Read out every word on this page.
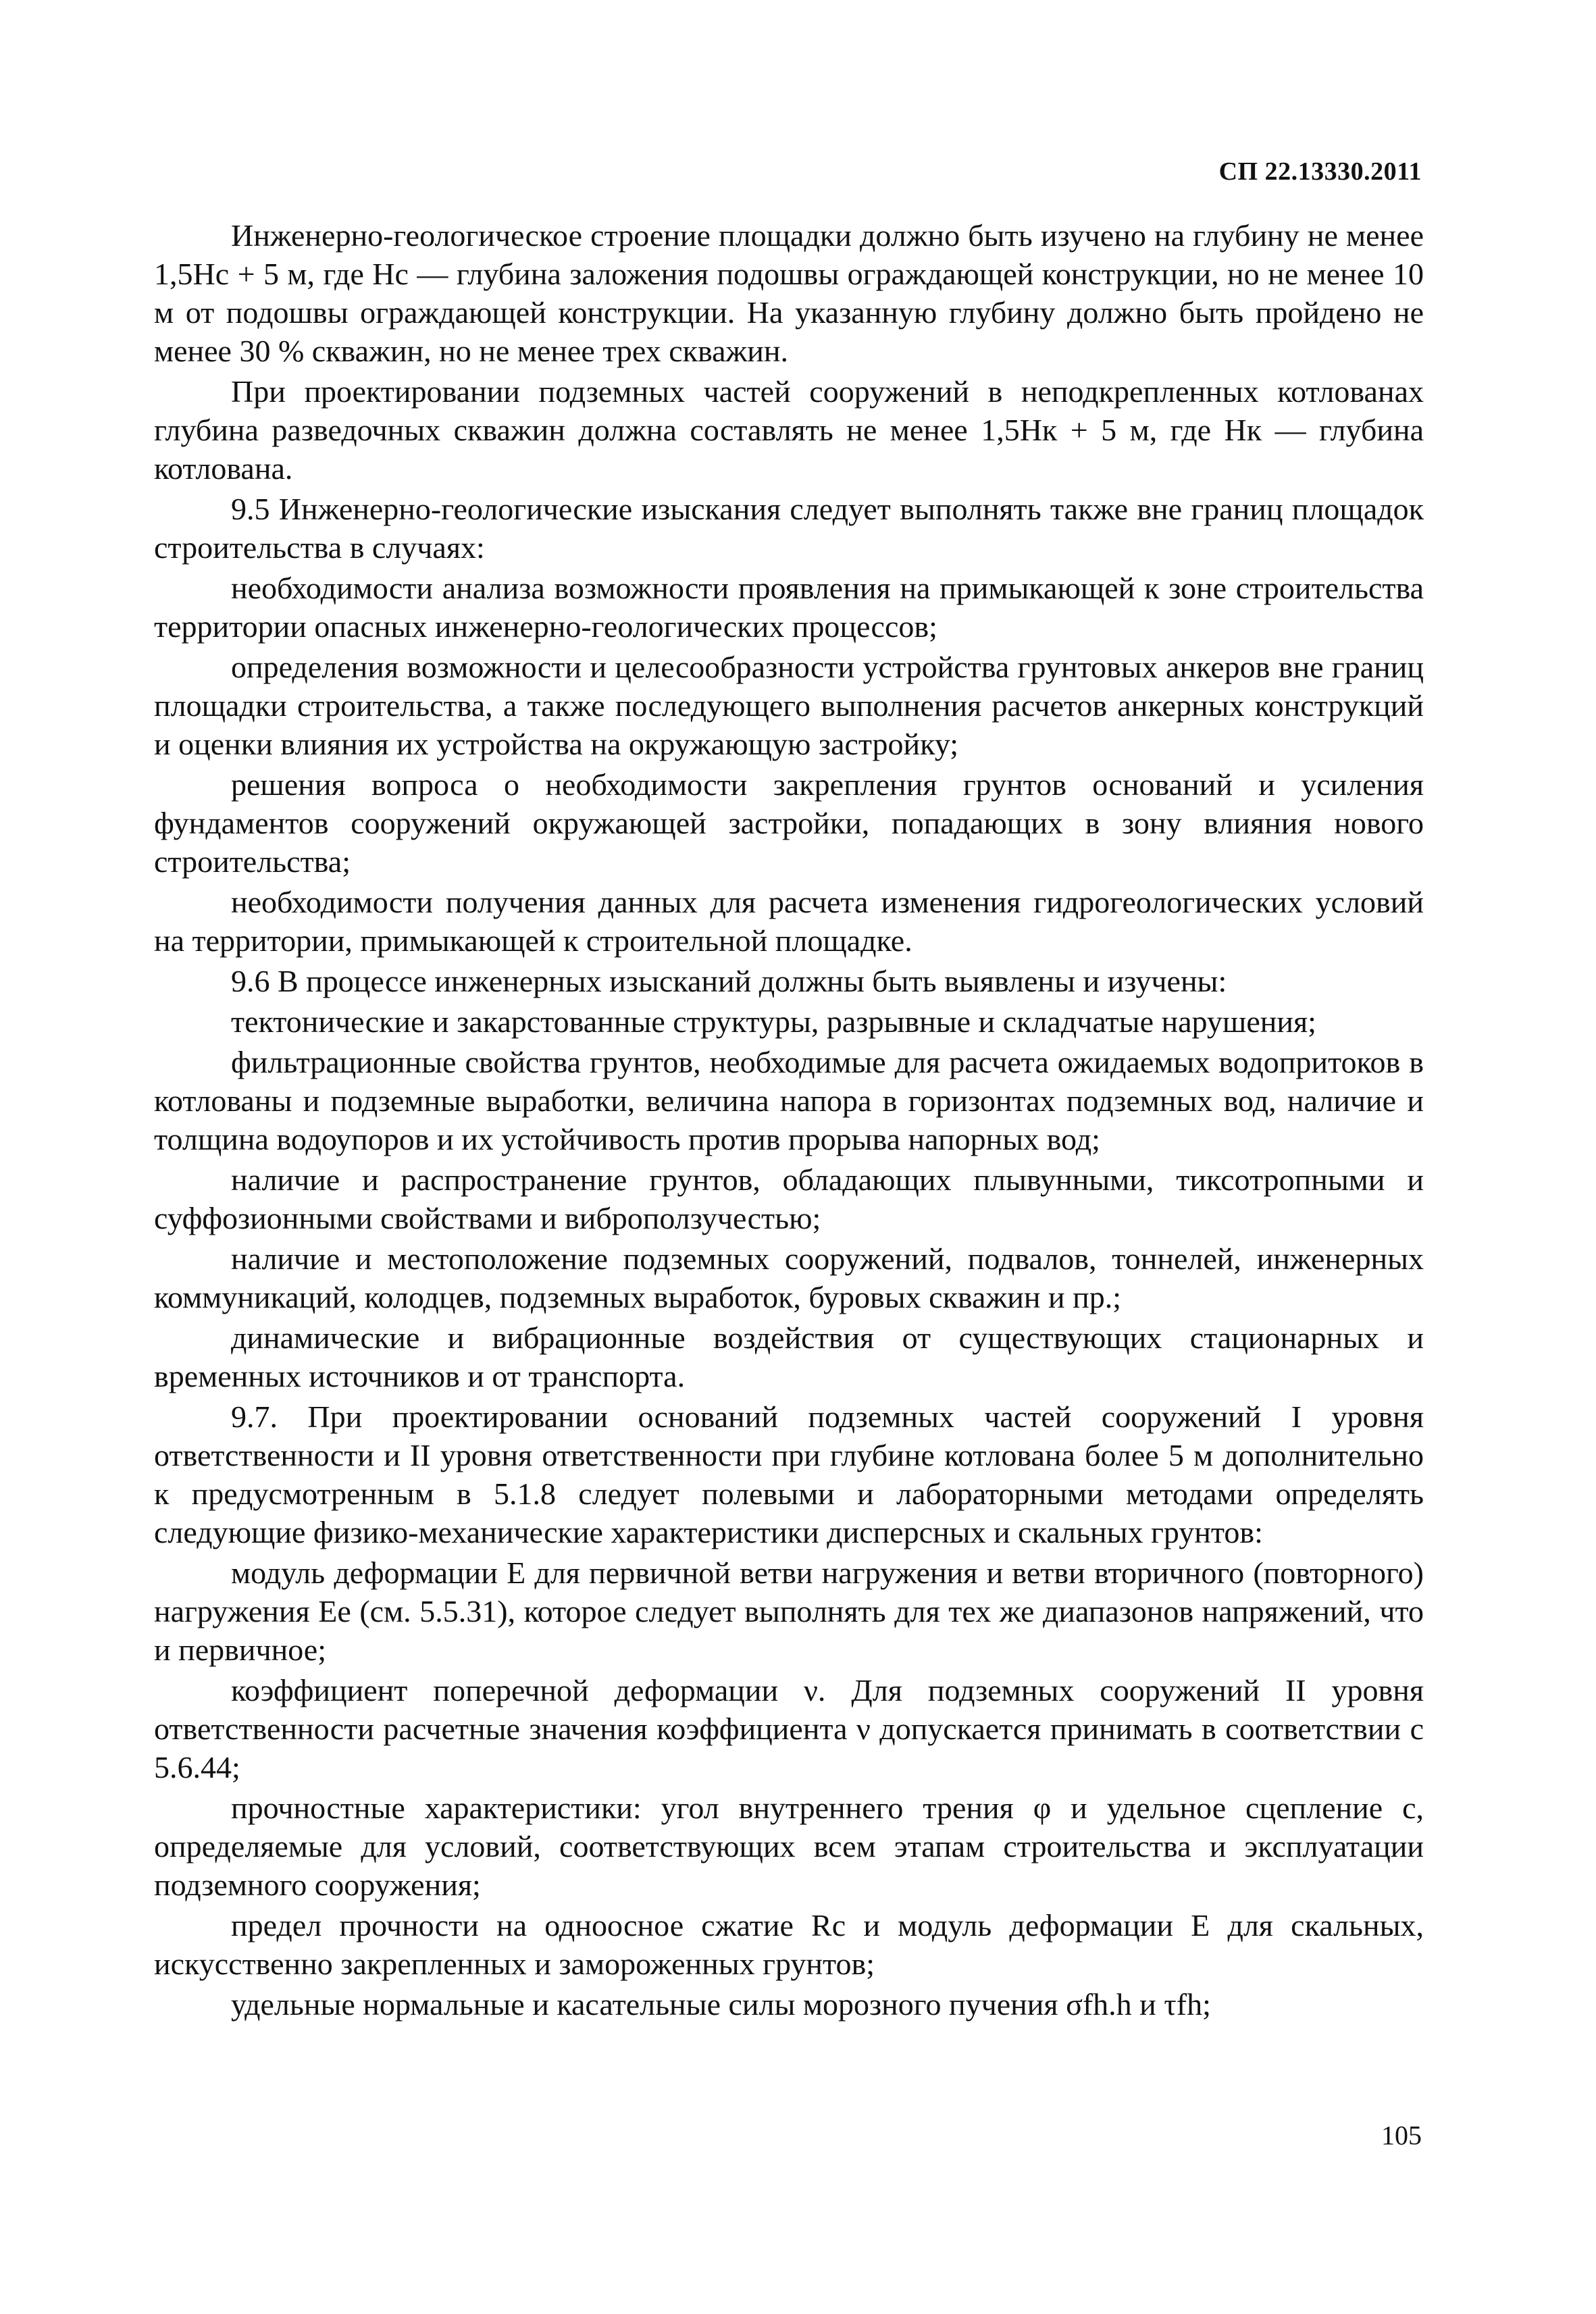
СП 22.13330.2011

Инженерно-геологическое строение площадки должно быть изучено на глубину не менее 1,5Hс + 5 м, где Hс — глубина заложения подошвы ограждающей конструкции, но не менее 10 м от подошвы ограждающей конструкции. На указанную глубину должно быть пройдено не менее 30 % скважин, но не менее трех скважин.

При проектировании подземных частей сооружений в неподкрепленных котлованах глубина разведочных скважин должна составлять не менее 1,5Hк + 5 м, где Hк — глубина котлована.

9.5 Инженерно-геологические изыскания следует выполнять также вне границ площадок строительства в случаях:

необходимости анализа возможности проявления на примыкающей к зоне строительства территории опасных инженерно-геологических процессов;

определения возможности и целесообразности устройства грунтовых анкеров вне границ площадки строительства, а также последующего выполнения расчетов анкерных конструкций и оценки влияния их устройства на окружающую застройку;

решения вопроса о необходимости закрепления грунтов оснований и усиления фундаментов сооружений окружающей застройки, попадающих в зону влияния нового строительства;

необходимости получения данных для расчета изменения гидрогеологических условий на территории, примыкающей к строительной площадке.

9.6 В процессе инженерных изысканий должны быть выявлены и изучены:

тектонические и закарстованные структуры, разрывные и складчатые нарушения;

фильтрационные свойства грунтов, необходимые для расчета ожидаемых водопритоков в котлованы и подземные выработки, величина напора в горизонтах подземных вод, наличие и толщина водоупоров и их устойчивость против прорыва напорных вод;

наличие и распространение грунтов, обладающих плывунными, тиксотропными и суффозионными свойствами и виброползучестью;

наличие и местоположение подземных сооружений, подвалов, тоннелей, инженерных коммуникаций, колодцев, подземных выработок, буровых скважин и пр.;

динамические и вибрационные воздействия от существующих стационарных и временных источников и от транспорта.

9.7. При проектировании оснований подземных частей сооружений I уровня ответственности и II уровня ответственности при глубине котлована более 5 м дополнительно к предусмотренным в 5.1.8 следует полевыми и лабораторными методами определять следующие физико-механические характеристики дисперсных и скальных грунтов:

модуль деформации E для первичной ветви нагружения и ветви вторичного (повторного) нагружения Ee (см. 5.5.31), которое следует выполнять для тех же диапазонов напряжений, что и первичное;

коэффициент поперечной деформации ν. Для подземных сооружений II уровня ответственности расчетные значения коэффициента ν допускается принимать в соответствии с 5.6.44;

прочностные характеристики: угол внутреннего трения φ и удельное сцепление c, определяемые для условий, соответствующих всем этапам строительства и эксплуатации подземного сооружения;

предел прочности на одноосное сжатие Rc и модуль деформации E для скальных, искусственно закрепленных и замороженных грунтов;

удельные нормальные и касательные силы морозного пучения σfh.h и τfh;

105
